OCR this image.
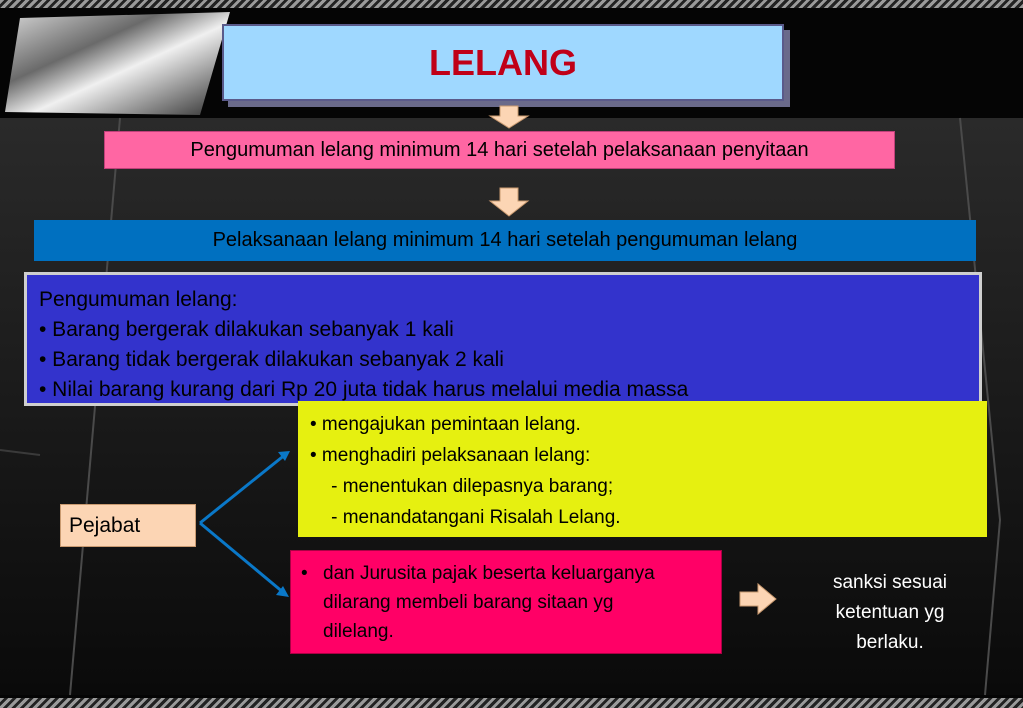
LELANG
Pengumuman lelang minimum 14 hari setelah pelaksanaan penyitaan
Pelaksanaan lelang minimum 14 hari setelah pengumuman lelang
Pengumuman lelang:
• Barang bergerak dilakukan sebanyak 1 kali
• Barang tidak bergerak dilakukan sebanyak 2 kali
• Nilai barang kurang dari Rp 20 juta tidak harus melalui media massa
• mengajukan pemintaan lelang.
• menghadiri pelaksanaan lelang:
- menentukan dilepasnya barang;
- menandatangani Risalah Lelang.
Pejabat
• dan Jurusita pajak beserta keluarganya
dilarang membeli barang sitaan yg
dilelang.
sanksi sesuai
ketentuan yg
berlaku.
